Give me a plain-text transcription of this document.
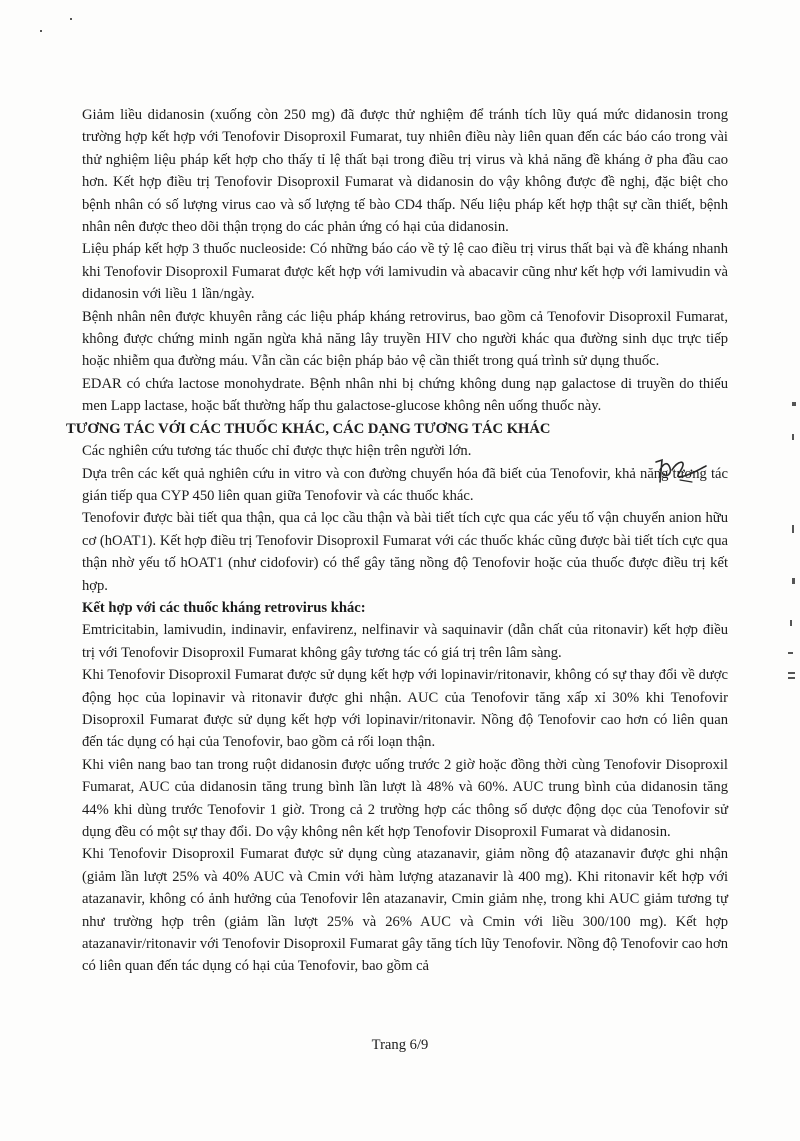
Giảm liều didanosin (xuống còn 250 mg) đã được thử nghiệm để tránh tích lũy quá mức didanosin trong trường hợp kết hợp với Tenofovir Disoproxil Fumarat, tuy nhiên điều này liên quan đến các báo cáo trong vài thử nghiệm liệu pháp kết hợp cho thấy tỉ lệ thất bại trong điều trị virus và khả năng đề kháng ở pha đầu cao hơn. Kết hợp điều trị Tenofovir Disoproxil Fumarat và didanosin do vậy không được đề nghị, đặc biệt cho bệnh nhân có số lượng virus cao và số lượng tế bào CD4 thấp. Nếu liệu pháp kết hợp thật sự cần thiết, bệnh nhân nên được theo dõi thận trọng do các phản ứng có hại của didanosin.

Liệu pháp kết hợp 3 thuốc nucleoside: Có những báo cáo về tỷ lệ cao điều trị virus thất bại và đề kháng nhanh khi Tenofovir Disoproxil Fumarat được kết hợp với lamivudin và abacavir cũng như kết hợp với lamivudin và didanosin với liều 1 lần/ngày.

Bệnh nhân nên được khuyên rằng các liệu pháp kháng retrovirus, bao gồm cả Tenofovir Disoproxil Fumarat, không được chứng minh ngăn ngừa khả năng lây truyền HIV cho người khác qua đường sinh dục trực tiếp hoặc nhiễm qua đường máu. Vẫn cần các biện pháp bảo vệ cần thiết trong quá trình sử dụng thuốc.

EDAR có chứa lactose monohydrate. Bệnh nhân nhi bị chứng không dung nạp galactose di truyền do thiếu men Lapp lactase, hoặc bất thường hấp thu galactose-glucose không nên uống thuốc này.

TƯƠNG TÁC VỚI CÁC THUỐC KHÁC, CÁC DẠNG TƯƠNG TÁC KHÁC

Các nghiên cứu tương tác thuốc chỉ được thực hiện trên người lớn.

Dựa trên các kết quả nghiên cứu in vitro và con đường chuyển hóa đã biết của Tenofovir, khả năng tương tác gián tiếp qua CYP 450 liên quan giữa Tenofovir và các thuốc khác.

Tenofovir được bài tiết qua thận, qua cả lọc cầu thận và bài tiết tích cực qua các yếu tố vận chuyển anion hữu cơ (hOAT1). Kết hợp điều trị Tenofovir Disoproxil Fumarat với các thuốc khác cũng được bài tiết tích cực qua thận nhờ yếu tố hOAT1 (như cidofovir) có thể gây tăng nồng độ Tenofovir hoặc của thuốc được điều trị kết hợp.

Kết hợp với các thuốc kháng retrovirus khác:

Emtricitabin, lamivudin, indinavir, enfavirenz, nelfinavir và saquinavir (dẫn chất của ritonavir) kết hợp điều trị với Tenofovir Disoproxil Fumarat không gây tương tác có giá trị trên lâm sàng.

Khi Tenofovir Disoproxil Fumarat được sử dụng kết hợp với lopinavir/ritonavir, không có sự thay đổi về dược động học của lopinavir và ritonavir được ghi nhận. AUC của Tenofovir tăng xấp xỉ 30% khi Tenofovir Disoproxil Fumarat được sử dụng kết hợp với lopinavir/ritonavir. Nồng độ Tenofovir cao hơn có liên quan đến tác dụng có hại của Tenofovir, bao gồm cả rối loạn thận.

Khi viên nang bao tan trong ruột didanosin được uống trước 2 giờ hoặc đồng thời cùng Tenofovir Disoproxil Fumarat, AUC của didanosin tăng trung bình lần lượt là 48% và 60%. AUC trung bình của didanosin tăng 44% khi dùng trước Tenofovir 1 giờ. Trong cả 2 trường hợp các thông số dược động dọc của Tenofovir sử dụng đều có một sự thay đổi. Do vậy không nên kết hợp Tenofovir Disoproxil Fumarat và didanosin.

Khi Tenofovir Disoproxil Fumarat được sử dụng cùng atazanavir, giảm nồng độ atazanavir được ghi nhận (giảm lần lượt 25% và 40% AUC và Cmin với hàm lượng atazanavir là 400 mg). Khi ritonavir kết hợp với atazanavir, không có ảnh hưởng của Tenofovir lên atazanavir, Cmin giảm nhẹ, trong khi AUC giảm tương tự như trường hợp trên (giảm lần lượt 25% và 26% AUC và Cmin với liều 300/100 mg). Kết hợp atazanavir/ritonavir với Tenofovir Disoproxil Fumarat gây tăng tích lũy Tenofovir. Nồng độ Tenofovir cao hơn có liên quan đến tác dụng có hại của Tenofovir, bao gồm cả

Trang 6/9
